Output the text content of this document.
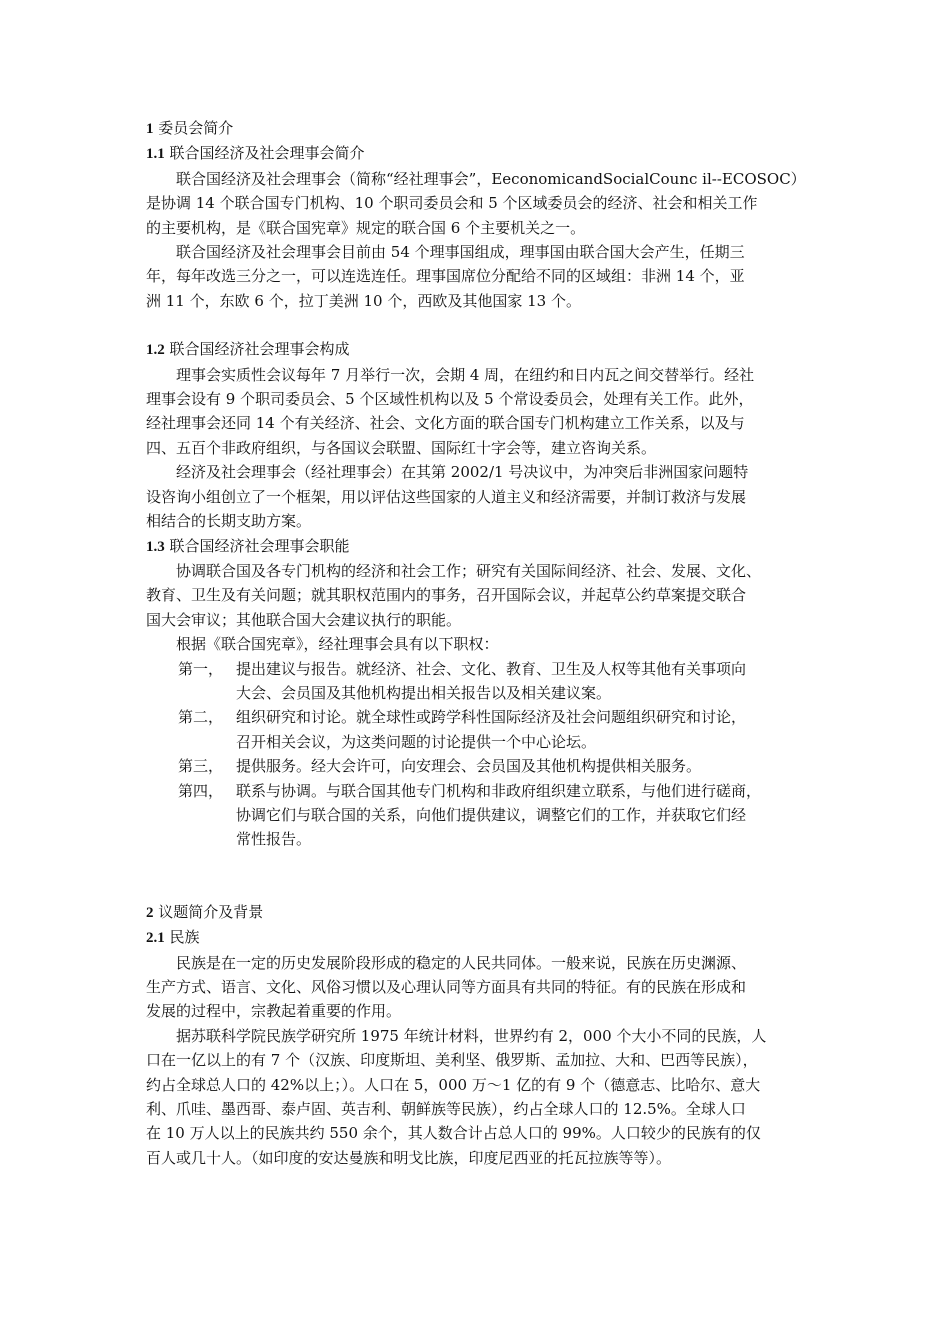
1 委员会简介
1.1 联合国经济及社会理事会简介
联合国经济及社会理事会（简称“经社理事会”，EeconomicandSocialCounc il--ECOSOC）
是协调 14 个联合国专门机构、10 个职司委员会和 5 个区域委员会的经济、社会和相关工作
的主要机构，是《联合国宪章》规定的联合国 6 个主要机关之一。
联合国经济及社会理事会目前由 54 个理事国组成，理事国由联合国大会产生，任期三
年，每年改选三分之一，可以连选连任。理事国席位分配给不同的区域组：非洲 14 个，亚
洲 11 个，东欧 6 个，拉丁美洲 10 个，西欧及其他国家 13 个。
1.2 联合国经济社会理事会构成
理事会实质性会议每年 7 月举行一次，会期 4 周，在纽约和日内瓦之间交替举行。经社
理事会设有 9 个职司委员会、5 个区域性机构以及 5 个常设委员会，处理有关工作。此外，
经社理事会还同 14 个有关经济、社会、文化方面的联合国专门机构建立工作关系，以及与
四、五百个非政府组织，与各国议会联盟、国际红十字会等，建立咨询关系。
经济及社会理事会（经社理事会）在其第 2002/1 号决议中，为冲突后非洲国家问题特
设咨询小组创立了一个框架，用以评估这些国家的人道主义和经济需要，并制订救济与发展
相结合的长期支助方案。
1.3 联合国经济社会理事会职能
协调联合国及各专门机构的经济和社会工作；研究有关国际间经济、社会、发展、文化、
教育、卫生及有关问题；就其职权范围内的事务，召开国际会议，并起草公约草案提交联合
国大会审议；其他联合国大会建议执行的职能。
根据《联合国宪章》，经社理事会具有以下职权：
第一， 提出建议与报告。就经济、社会、文化、教育、卫生及人权等其他有关事项向
大会、会员国及其他机构提出相关报告以及相关建议案。
第二， 组织研究和讨论。就全球性或跨学科性国际经济及社会问题组织研究和讨论，
召开相关会议，为这类问题的讨论提供一个中心论坛。
第三， 提供服务。经大会许可，向安理会、会员国及其他机构提供相关服务。
第四， 联系与协调。与联合国其他专门机构和非政府组织建立联系，与他们进行磋商，
协调它们与联合国的关系，向他们提供建议，调整它们的工作，并获取它们经
常性报告。
2 议题简介及背景
2.1 民族
民族是在一定的历史发展阶段形成的稳定的人民共同体。一般来说，民族在历史渊源、
生产方式、语言、文化、风俗习惯以及心理认同等方面具有共同的特征。有的民族在形成和
发展的过程中，宗教起着重要的作用。
据苏联科学院民族学研究所 1975 年统计材料，世界约有 2，000 个大小不同的民族，人
口在一亿以上的有 7 个（汉族、印度斯坦、美利坚、俄罗斯、孟加拉、大和、巴西等民族），
约占全球总人口的 42%以上；）。人口在 5，000 万～1 亿的有 9 个（德意志、比哈尔、意大
利、爪哇、墨西哥、泰卢固、英吉利、朝鲜族等民族），约占全球人口的 12.5%。全球人口
在 10 万人以上的民族共约 550 余个，其人数合计占总人口的 99%。人口较少的民族有的仅
百人或几十人。（如印度的安达曼族和明戈比族，印度尼西亚的托瓦拉族等等）。
